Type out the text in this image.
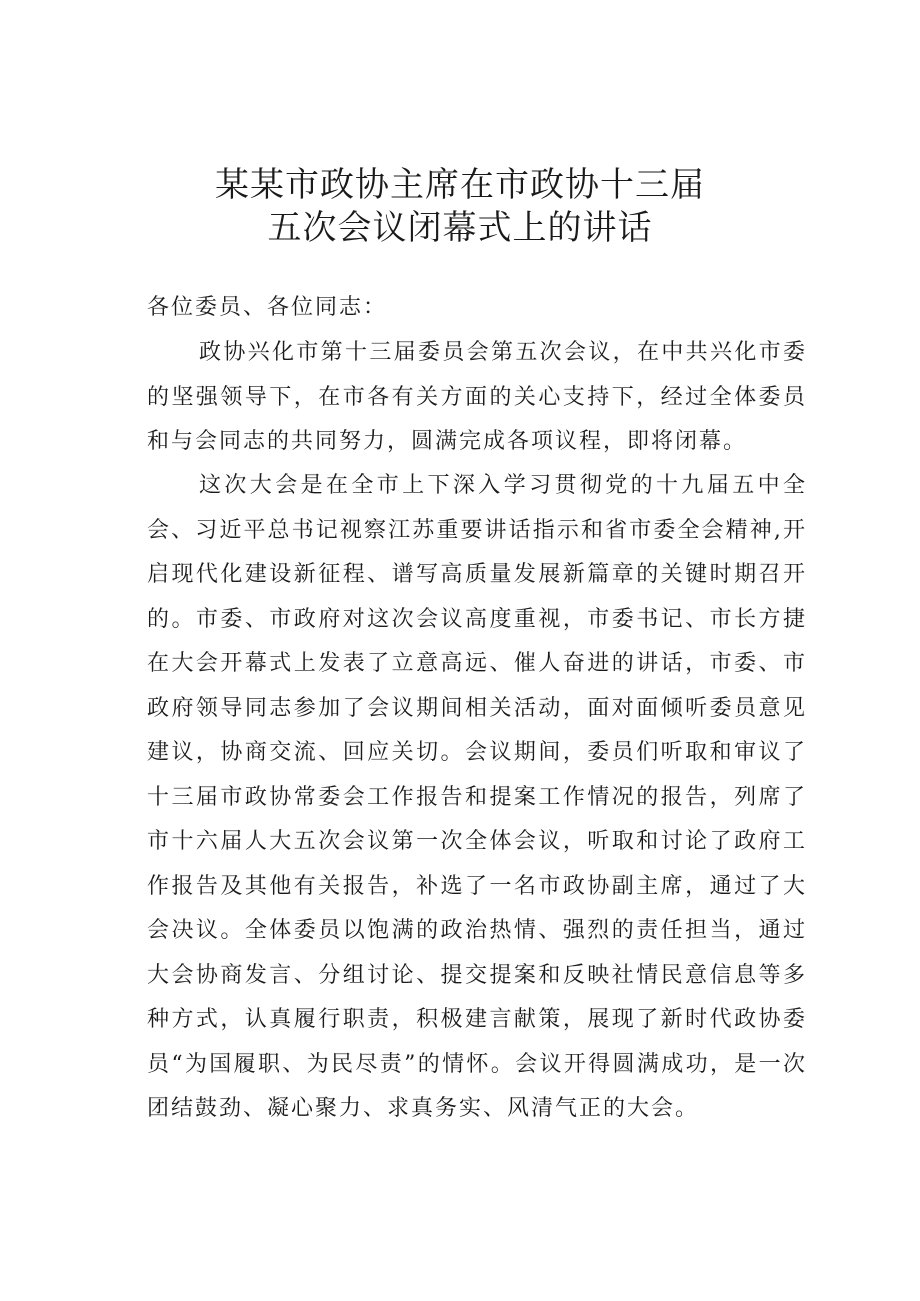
某某市政协主席在市政协十三届
五次会议闭幕式上的讲话
各位委员、各位同志：
政协兴化市第十三届委员会第五次会议，在中共兴化市委的坚强领导下，在市各有关方面的关心支持下，经过全体委员和与会同志的共同努力，圆满完成各项议程，即将闭幕。
这次大会是在全市上下深入学习贯彻党的十九届五中全会、习近平总书记视察江苏重要讲话指示和省市委全会精神,开启现代化建设新征程、谱写高质量发展新篇章的关键时期召开的。市委、市政府对这次会议高度重视，市委书记、市长方捷在大会开幕式上发表了立意高远、催人奋进的讲话，市委、市政府领导同志参加了会议期间相关活动，面对面倾听委员意见建议，协商交流、回应关切。会议期间，委员们听取和审议了十三届市政协常委会工作报告和提案工作情况的报告，列席了市十六届人大五次会议第一次全体会议，听取和讨论了政府工作报告及其他有关报告，补选了一名市政协副主席，通过了大会决议。全体委员以饱满的政治热情、强烈的责任担当，通过大会协商发言、分组讨论、提交提案和反映社情民意信息等多种方式，认真履行职责，积极建言献策，展现了新时代政协委员“为国履职、为民尽责”的情怀。会议开得圆满成功，是一次团结鼓劲、凝心聚力、求真务实、风清气正的大会。
